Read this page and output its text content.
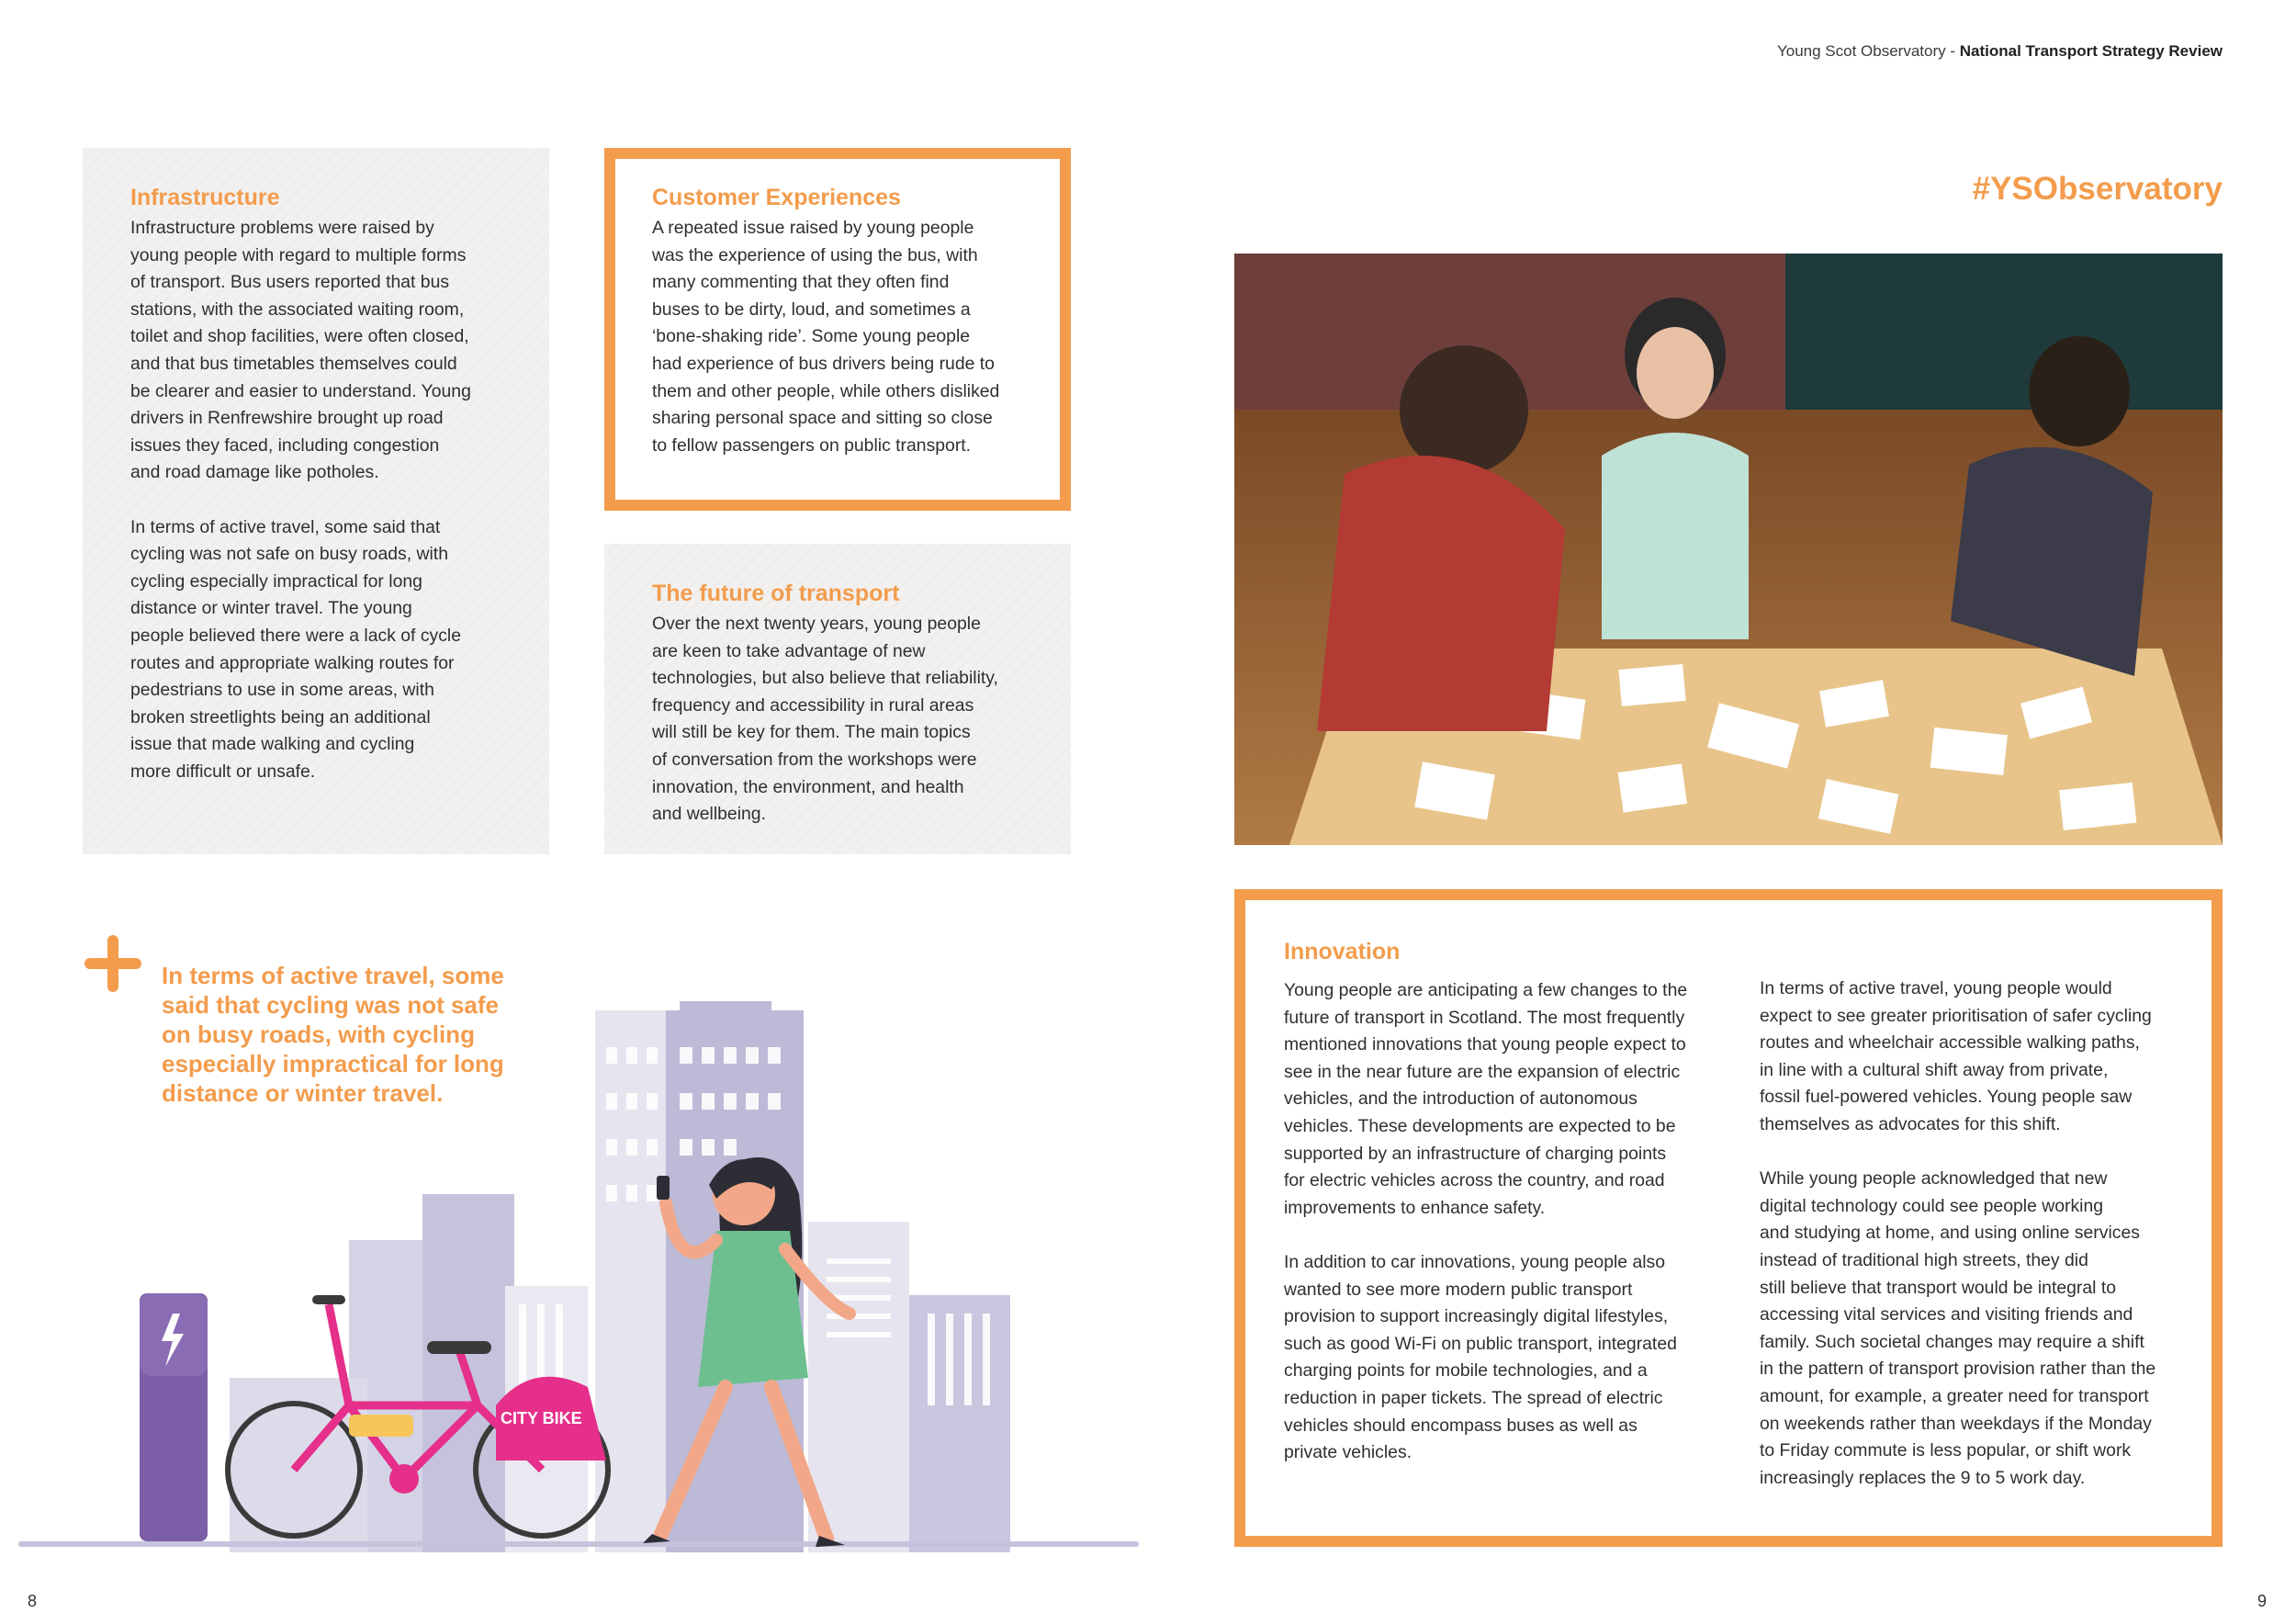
Young Scot Observatory - National Transport Strategy Review
#YSObservatory
Infrastructure

Infrastructure problems were raised by
young people with regard to multiple forms
of transport. Bus users reported that bus
stations, with the associated waiting room,
toilet and shop facilities, were often closed,
and that bus timetables themselves could
be clearer and easier to understand. Young
drivers in Renfrewshire brought up road
issues they faced, including congestion
and road damage like potholes.

In terms of active travel, some said that
cycling was not safe on busy roads, with
cycling especially impractical for long
distance or winter travel. The young
people believed there were a lack of cycle
routes and appropriate walking routes for
pedestrians to use in some areas, with
broken streetlights being an additional
issue that made walking and cycling
more difficult or unsafe.

Customer Experiences

A repeated issue raised by young people
was the experience of using the bus, with
many commenting that they often find
buses to be dirty, loud, and sometimes a
‘bone-shaking ride’. Some young people
had experience of bus drivers being rude to
them and other people, while others disliked
sharing personal space and sitting so close
to fellow passengers on public transport.

The future of transport

Over the next twenty years, young people
are keen to take advantage of new
technologies, but also believe that reliability,
frequency and accessibility in rural areas
will still be key for them. The main topics
of conversation from the workshops were
innovation, the environment, and health
and wellbeing.

In terms of active travel, some said that cycling was not safe on busy roads, with cycling especially impractical for long distance or winter travel.

CITY BIKE
Innovation

Young people are anticipating a few changes to the
future of transport in Scotland. The most frequently
mentioned innovations that young people expect to
see in the near future are the expansion of electric
vehicles, and the introduction of autonomous
vehicles. These developments are expected to be
supported by an infrastructure of charging points
for electric vehicles across the country, and road
improvements to enhance safety.

In addition to car innovations, young people also
wanted to see more modern public transport
provision to support increasingly digital lifestyles,
such as good Wi-Fi on public transport, integrated
charging points for mobile technologies, and a
reduction in paper tickets. The spread of electric
vehicles should encompass buses as well as
private vehicles.

In terms of active travel, young people would
expect to see greater prioritisation of safer cycling
routes and wheelchair accessible walking paths,
in line with a cultural shift away from private,
fossil fuel-powered vehicles. Young people saw
themselves as advocates for this shift.

While young people acknowledged that new
digital technology could see people working
and studying at home, and using online services
instead of traditional high streets, they did
still believe that transport would be integral to
accessing vital services and visiting friends and
family. Such societal changes may require a shift
in the pattern of transport provision rather than the
amount, for example, a greater need for transport
on weekends rather than weekdays if the Monday
to Friday commute is less popular, or shift work
increasingly replaces the 9 to 5 work day.

8	9
